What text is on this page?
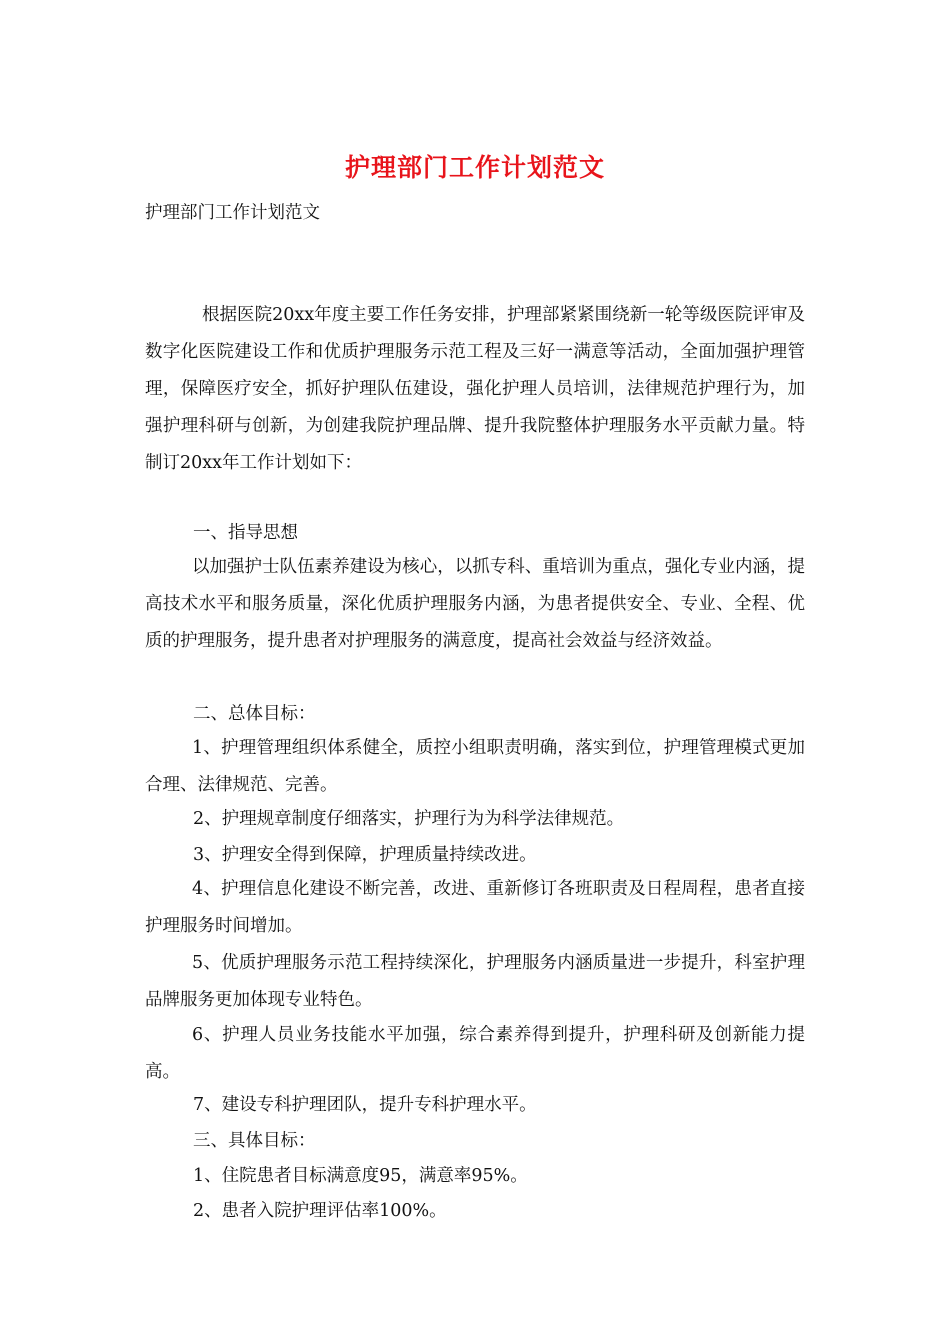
护理部门工作计划范文
护理部门工作计划范文

根据医院20xx年度主要工作任务安排，护理部紧紧围绕新一轮等级医院评审及数字化医院建设工作和优质护理服务示范工程及三好一满意等活动，全面加强护理管理，保障医疗安全，抓好护理队伍建设，强化护理人员培训，法律规范护理行为，加强护理科研与创新，为创建我院护理品牌、提升我院整体护理服务水平贡献力量。特制订20xx年工作计划如下：

一、指导思想

以加强护士队伍素养建设为核心，以抓专科、重培训为重点，强化专业内涵，提高技术水平和服务质量，深化优质护理服务内涵，为患者提供安全、专业、全程、优质的护理服务，提升患者对护理服务的满意度，提高社会效益与经济效益。

二、总体目标：

1、护理管理组织体系健全，质控小组职责明确，落实到位，护理管理模式更加合理、法律规范、完善。

2、护理规章制度仔细落实，护理行为为科学法律规范。
3、护理安全得到保障，护理质量持续改进。

4、护理信息化建设不断完善，改进、重新修订各班职责及日程周程，患者直接护理服务时间增加。

5、优质护理服务示范工程持续深化，护理服务内涵质量进一步提升，科室护理品牌服务更加体现专业特色。

6、护理人员业务技能水平加强，综合素养得到提升，护理科研及创新能力提高。

7、建设专科护理团队，提升专科护理水平。
三、具体目标：
1、住院患者目标满意度95，满意率95%。
2、患者入院护理评估率100%。
